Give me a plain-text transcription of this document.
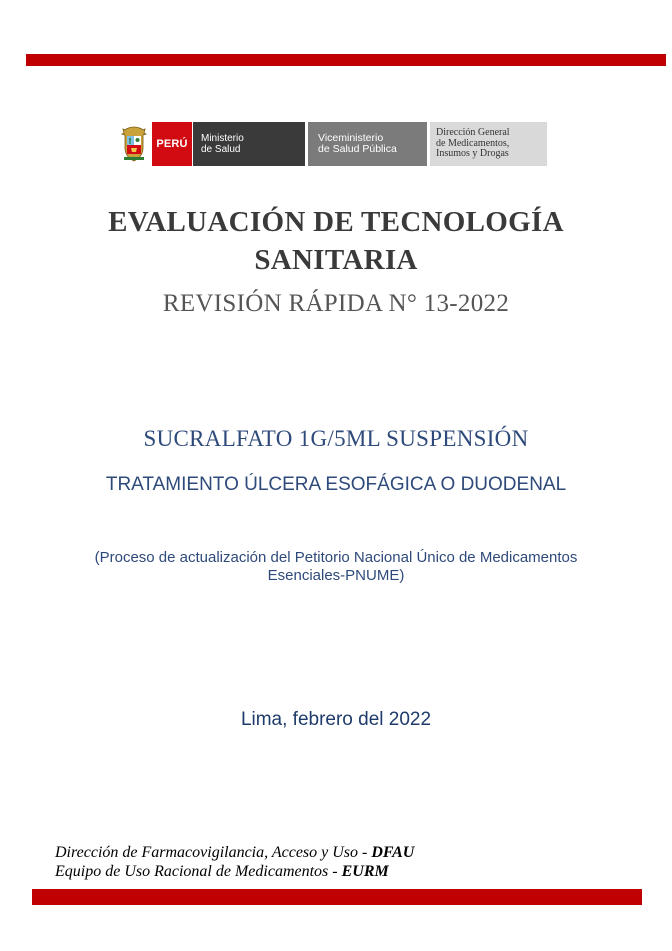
PERÚ	Ministerio
de Salud
Viceministerio
de Salud Pública
Dirección General
de Medicamentos,
Insumos y Drogas
EVALUACIÓN DE TECNOLOGÍA
SANITARIA
REVISIÓN RÁPIDA N° 13-2022
SUCRALFATO 1G/5ML SUSPENSIÓN
TRATAMIENTO ÚLCERA ESOFÁGICA O DUODENAL
(Proceso de actualización del Petitorio Nacional Único de Medicamentos
Esenciales-PNUME)
Lima, febrero del 2022
Dirección de Farmacovigilancia, Acceso y Uso - DFAU
Equipo de Uso Racional de Medicamentos - EURM
